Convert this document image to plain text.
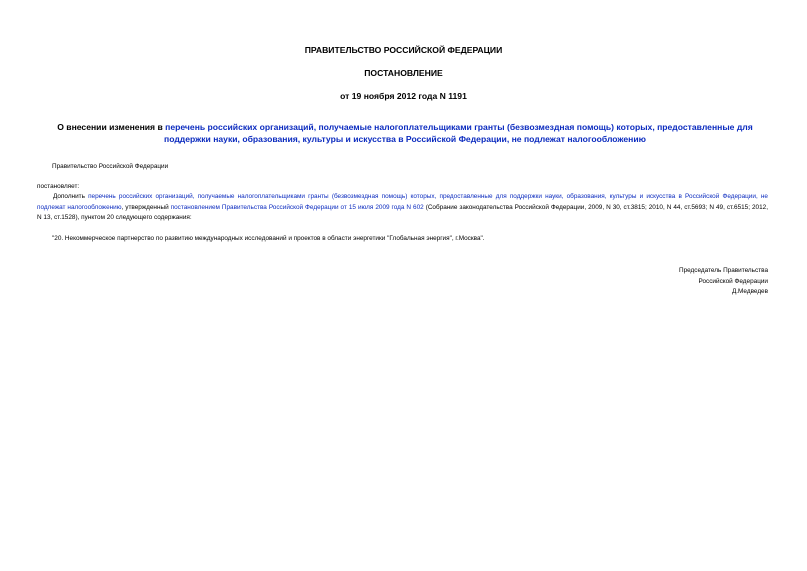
ПРАВИТЕЛЬСТВО РОССИЙСКОЙ ФЕДЕРАЦИИ
ПОСТАНОВЛЕНИЕ
от 19 ноября 2012 года N 1191

О внесении изменения в перечень российских организаций, получаемые налогоплательщиками гранты (безвозмездная помощь) которых, предоставленные для поддержки науки, образования, культуры и искусства в Российской Федерации, не подлежат налогообложению

Правительство Российской Федерации

постановляет:

Дополнить перечень российских организаций, получаемые налогоплательщиками гранты (безвозмездная помощь) которых, предоставленные для поддержки науки, образования, культуры и искусства в Российской Федерации, не подлежат налогообложению, утвержденный постановлением Правительства Российской Федерации от 15 июля 2009 года N 602 (Собрание законодательства Российской Федерации, 2009, N 30, ст.3815; 2010, N 44, ст.5693; N 49, ст.6515; 2012, N 13, ст.1528), пунктом 20 следующего содержания:

"20. Некоммерческое партнерство по развитию международных исследований и проектов в области энергетики "Глобальная энергия", г.Москва".

Председатель Правительства
Российской Федерации
Д.Медведев
